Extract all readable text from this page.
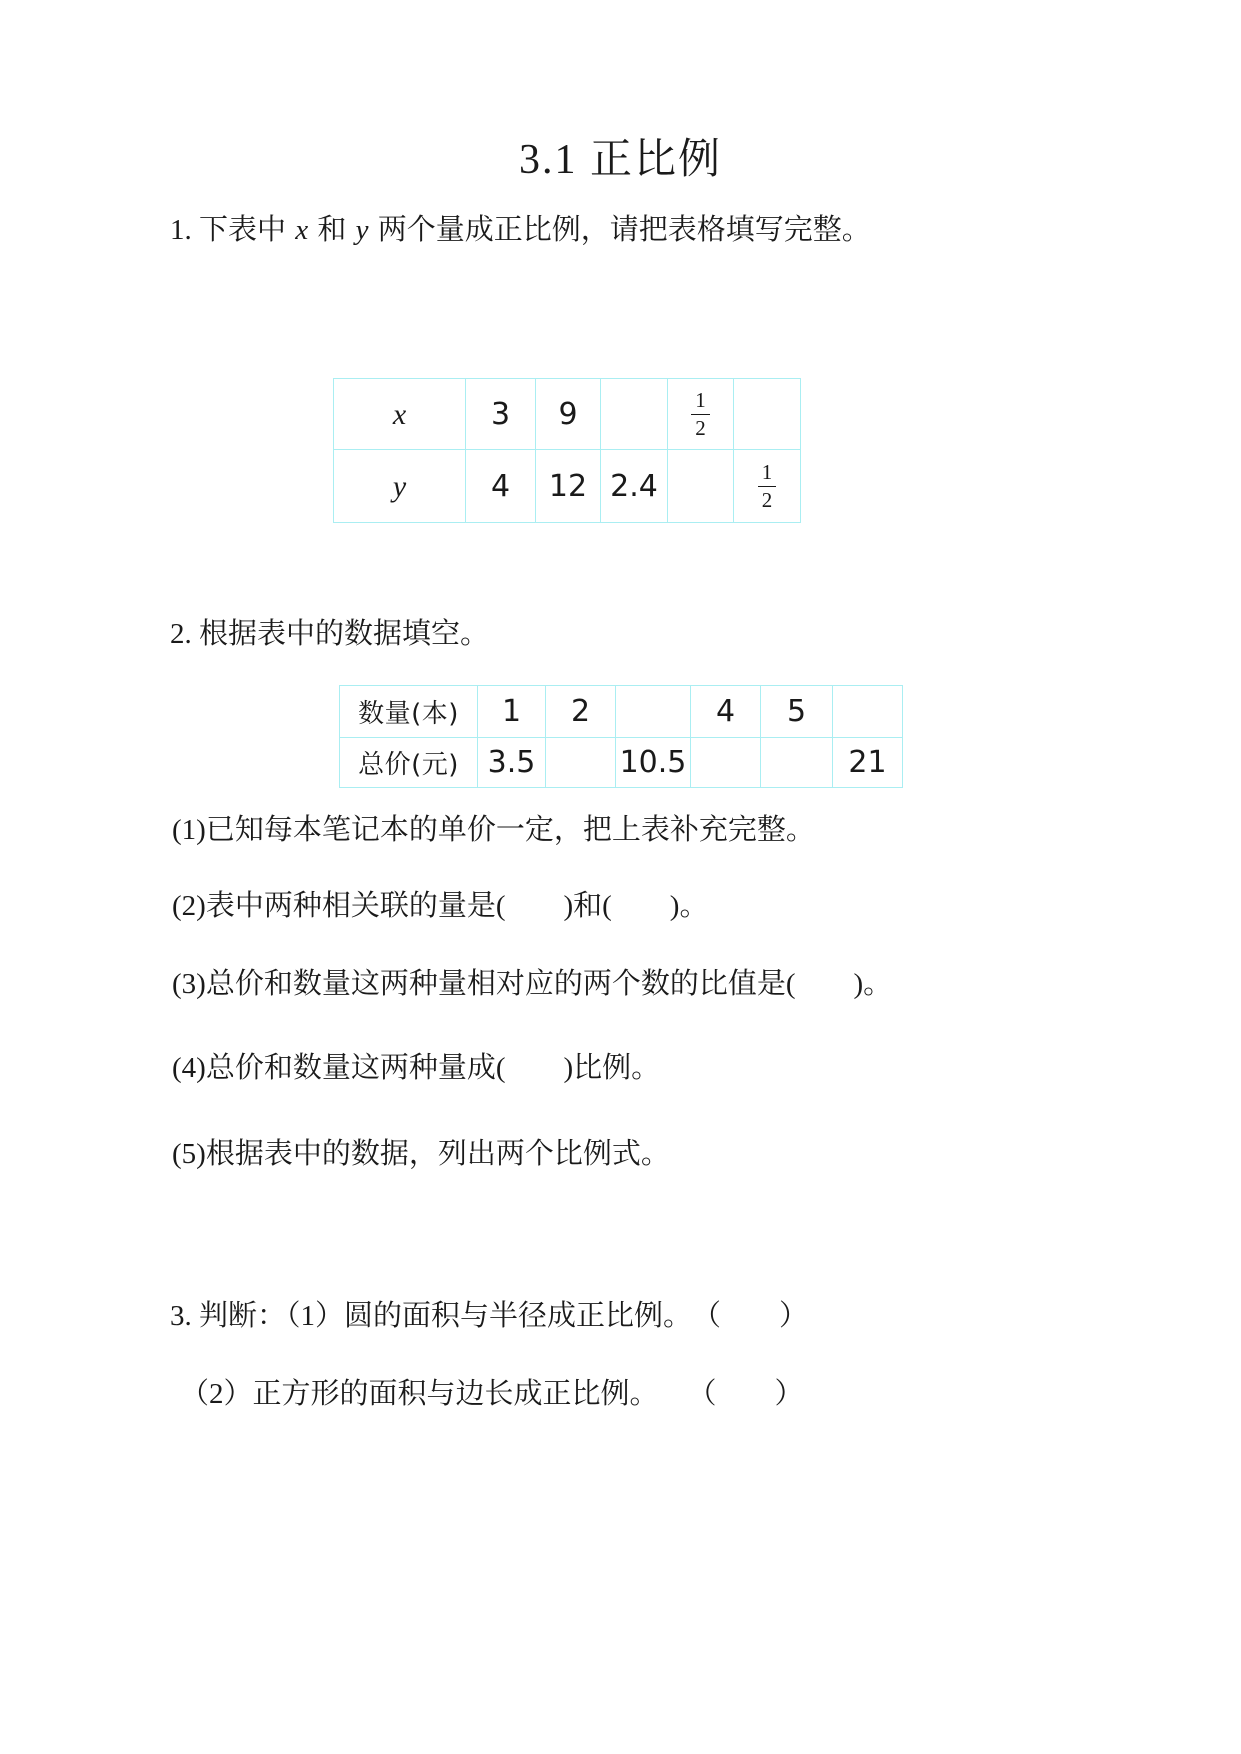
3.1 正比例

1. 下表中 x 和 y 两个量成正比例，请把表格填写完整。

x	3	9		$\frac{1}{2}$

y	4	12	2.4		$\frac{1}{2}$

2. 根据表中的数据填空。

数量(本)	1	2		4	5	
总价(元)	3.5		10.5			21

(1)已知每本笔记本的单价一定，把上表补充完整。

(2)表中两种相关联的量是(　　)和(　　)。

(3)总价和数量这两种量相对应的两个数的比值是(　　)。

(4)总价和数量这两种量成(　　)比例。

(5)根据表中的数据，列出两个比例式。

3. 判断：（1）圆的面积与半径成正比例。　（　　）

（2）正方形的面积与边长成正比例。　　（　　）
